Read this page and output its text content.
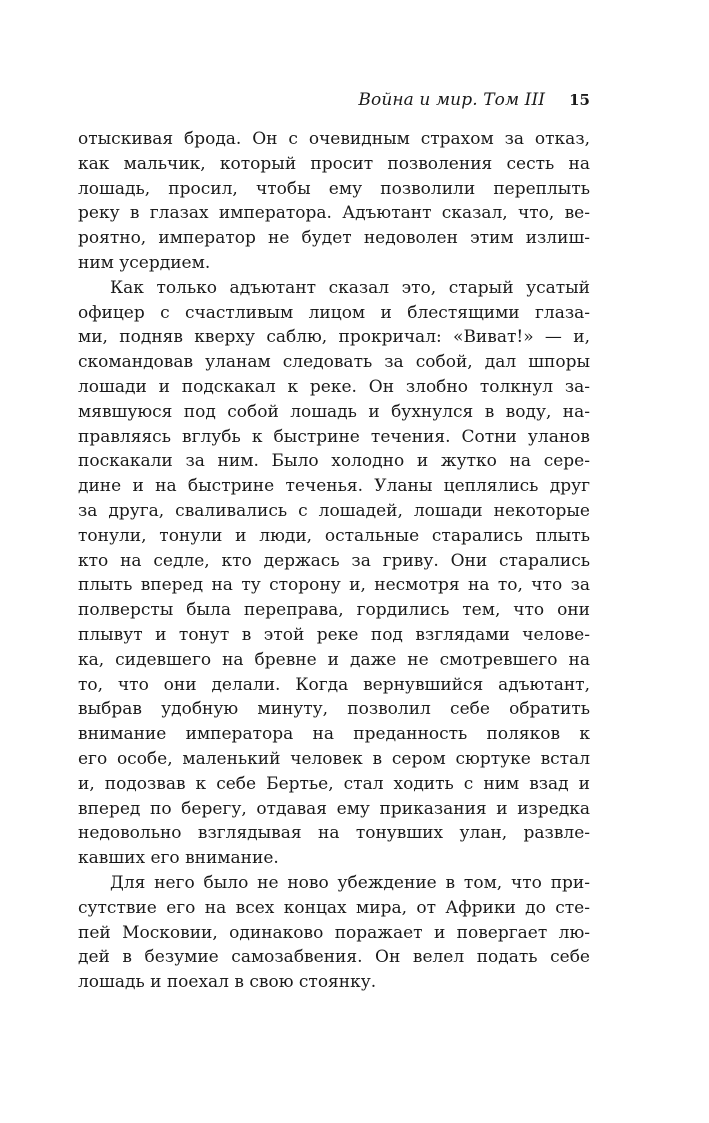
Война и мир. Том III 15
отыскивая брода. Он с очевидным страхом за отказ,
как мальчик, который просит позволения сесть на
лошадь, просил, чтобы ему позволили переплыть
реку в глазах императора. Адъютант сказал, что, ве-
роятно, император не будет недоволен этим излиш-
ним усердием.
Как только адъютант сказал это, старый усатый
офицер с счастливым лицом и блестящими глаза-
ми, подняв кверху саблю, прокричал: «Виват!» — и,
скомандовав уланам следовать за собой, дал шпоры
лошади и подскакал к реке. Он злобно толкнул за-
мявшуюся под собой лошадь и бухнулся в воду, на-
правляясь вглубь к быстрине течения. Сотни уланов
поскакали за ним. Было холодно и жутко на сере-
дине и на быстрине теченья. Уланы цеплялись друг
за друга, сваливались с лошадей, лошади некоторые
тонули, тонули и люди, остальные старались плыть
кто на седле, кто держась за гриву. Они старались
плыть вперед на ту сторону и, несмотря на то, что за
полверсты была переправа, гордились тем, что они
плывут и тонут в этой реке под взглядами челове-
ка, сидевшего на бревне и даже не смотревшего на
то, что они делали. Когда вернувшийся адъютант,
выбрав удобную минуту, позволил себе обратить
внимание императора на преданность поляков к
его особе, маленький человек в сером сюртуке встал
и, подозвав к себе Бертье, стал ходить с ним взад и
вперед по берегу, отдавая ему приказания и изредка
недовольно взглядывая на тонувших улан, развле-
кавших его внимание.
Для него было не ново убеждение в том, что при-
сутствие его на всех концах мира, от Африки до сте-
пей Московии, одинаково поражает и повергает лю-
дей в безумие самозабвения. Он велел подать себе
лошадь и поехал в свою стоянку.
